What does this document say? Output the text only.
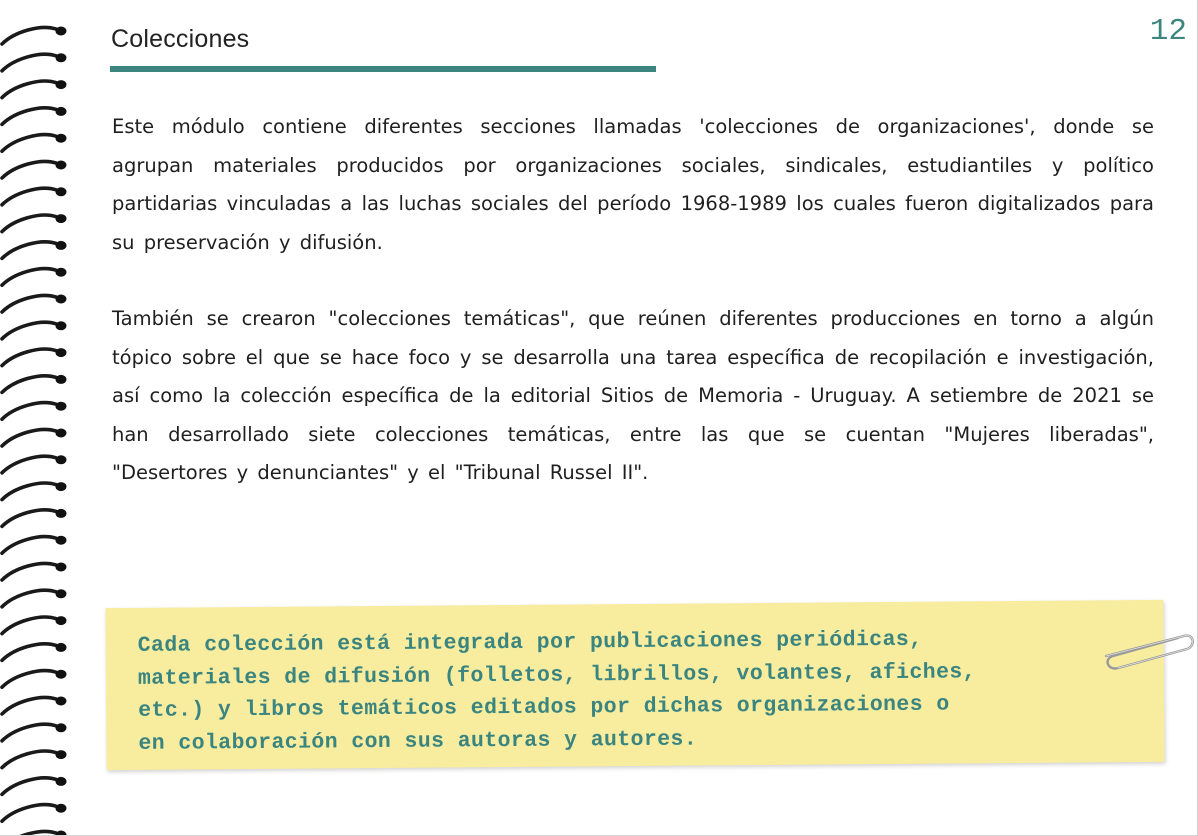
Colecciones	12

Este módulo contiene diferentes secciones llamadas 'colecciones de organizaciones', donde se agrupan materiales producidos por organizaciones sociales, sindicales, estudiantiles y político partidarias vinculadas a las luchas sociales del período 1968-1989 los cuales fueron digitalizados para su preservación y difusión.

También se crearon "colecciones temáticas", que reúnen diferentes producciones en torno a algún tópico sobre el que se hace foco y se desarrolla una tarea específica de recopilación e investigación, así como la colección específica de la editorial Sitios de Memoria - Uruguay. A setiembre de 2021 se han desarrollado siete colecciones temáticas, entre las que se cuentan "Mujeres liberadas", "Desertores y denunciantes" y el "Tribunal Russel II".

Cada colección está integrada por publicaciones periódicas,
materiales de difusión (folletos, librillos, volantes, afiches,
etc.) y libros temáticos editados por dichas organizaciones o
en colaboración con sus autoras y autores.
